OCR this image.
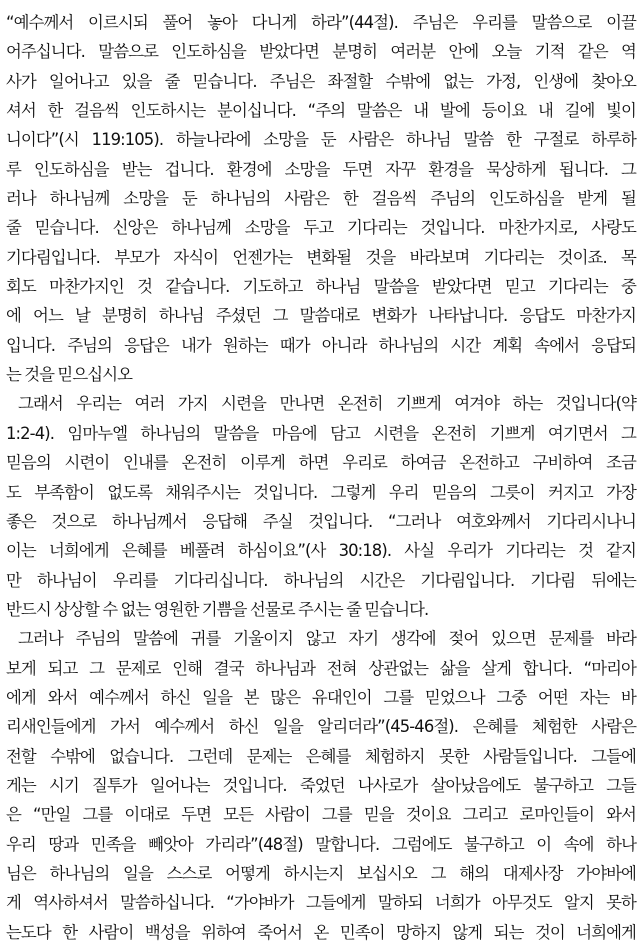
“예수께서 이르시되 풀어 놓아 다니게 하라”(44절). 주님은 우리를 말씀으로 이끌
어주십니다. 말씀으로 인도하심을 받았다면 분명히 여러분 안에 오늘 기적 같은 역
사가 일어나고 있을 줄 믿습니다. 주님은 좌절할 수밖에 없는 가정, 인생에 찾아오
셔서 한 걸음씩 인도하시는 분이십니다. “주의 말씀은 내 발에 등이요 내 길에 빛이
니이다”(시 119:105). 하늘나라에 소망을 둔 사람은 하나님 말씀 한 구절로 하루하
루 인도하심을 받는 겁니다. 환경에 소망을 두면 자꾸 환경을 묵상하게 됩니다. 그
러나 하나님께 소망을 둔 하나님의 사람은 한 걸음씩 주님의 인도하심을 받게 될
줄 믿습니다. 신앙은 하나님께 소망을 두고 기다리는 것입니다. 마찬가지로, 사랑도
기다림입니다. 부모가 자식이 언젠가는 변화될 것을 바라보며 기다리는 것이죠. 목
회도 마찬가지인 것 같습니다. 기도하고 하나님 말씀을 받았다면 믿고 기다리는 중
에 어느 날 분명히 하나님 주셨던 그 말씀대로 변화가 나타납니다. 응답도 마찬가지
입니다. 주님의 응답은 내가 원하는 때가 아니라 하나님의 시간 계획 속에서 응답되
는 것을 믿으십시오
그래서 우리는 여러 가지 시련을 만나면 온전히 기쁘게 여겨야 하는 것입니다(약
1:2-4). 임마누엘 하나님의 말씀을 마음에 담고 시련을 온전히 기쁘게 여기면서 그
믿음의 시련이 인내를 온전히 이루게 하면 우리로 하여금 온전하고 구비하여 조금
도 부족함이 없도록 채워주시는 것입니다. 그렇게 우리 믿음의 그릇이 커지고 가장
좋은 것으로 하나님께서 응답해 주실 것입니다. “그러나 여호와께서 기다리시나니
이는 너희에게 은혜를 베풀려 하심이요”(사 30:18). 사실 우리가 기다리는 것 같지
만 하나님이 우리를 기다리십니다. 하나님의 시간은 기다림입니다. 기다림 뒤에는
반드시 상상할 수 없는 영원한 기쁨을 선물로 주시는 줄 믿습니다.
그러나 주님의 말씀에 귀를 기울이지 않고 자기 생각에 젖어 있으면 문제를 바라
보게 되고 그 문제로 인해 결국 하나님과 전혀 상관없는 삶을 살게 합니다. “마리아
에게 와서 예수께서 하신 일을 본 많은 유대인이 그를 믿었으나 그중 어떤 자는 바
리새인들에게 가서 예수께서 하신 일을 알리더라”(45-46절). 은혜를 체험한 사람은
전할 수밖에 없습니다. 그런데 문제는 은혜를 체험하지 못한 사람들입니다. 그들에
게는 시기 질투가 일어나는 것입니다. 죽었던 나사로가 살아났음에도 불구하고 그들
은 “만일 그를 이대로 두면 모든 사람이 그를 믿을 것이요 그리고 로마인들이 와서
우리 땅과 민족을 빼앗아 가리라”(48절) 말합니다. 그럼에도 불구하고 이 속에 하나
님은 하나님의 일을 스스로 어떻게 하시는지 보십시오 그 해의 대제사장 가야바에
게 역사하셔서 말씀하십니다. “가야바가 그들에게 말하되 너희가 아무것도 알지 못하
는도다 한 사람이 백성을 위하여 죽어서 온 민족이 망하지 않게 되는 것이 너희에게
